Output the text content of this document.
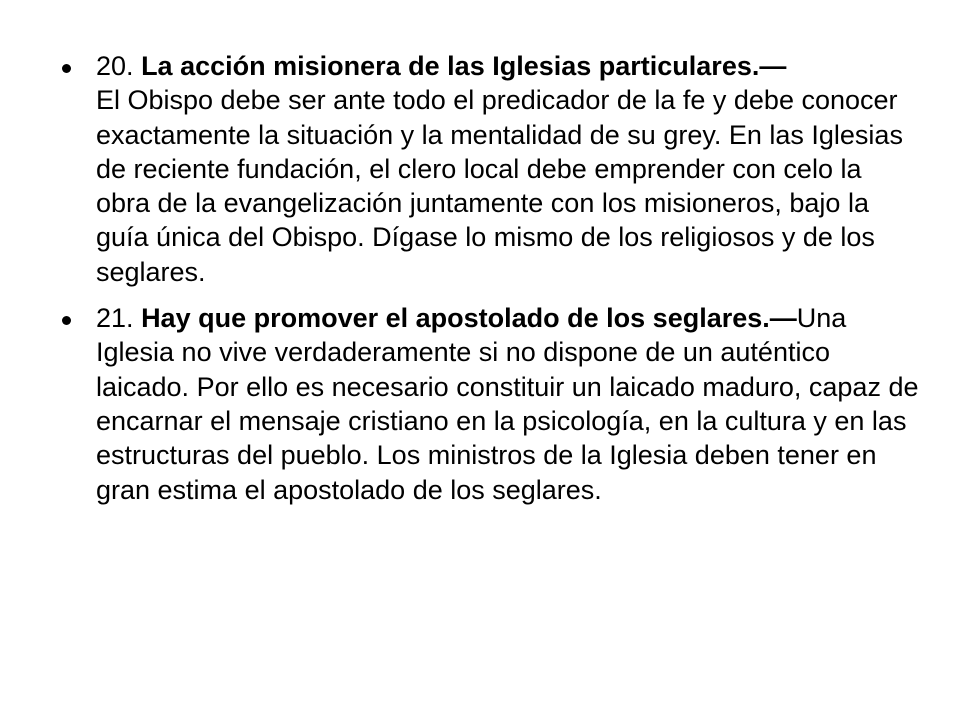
20. La acción misionera de las Iglesias particulares.—
El Obispo debe ser ante todo el predicador de la fe y debe conocer exactamente la situación y la mentalidad de su grey. En las Iglesias de reciente fundación, el clero local debe emprender con celo la obra de la evangelización juntamente con los misioneros, bajo la guía única del Obispo. Dígase lo mismo de los religiosos y de los seglares.
21. Hay que promover el apostolado de los seglares.—Una Iglesia no vive verdaderamente si no dispone de un auténtico laicado. Por ello es necesario constituir un laicado maduro, capaz de encarnar el mensaje cristiano en la psicología, en la cultura y en las estructuras del pueblo. Los ministros de la Iglesia deben tener en gran estima el apostolado de los seglares.
